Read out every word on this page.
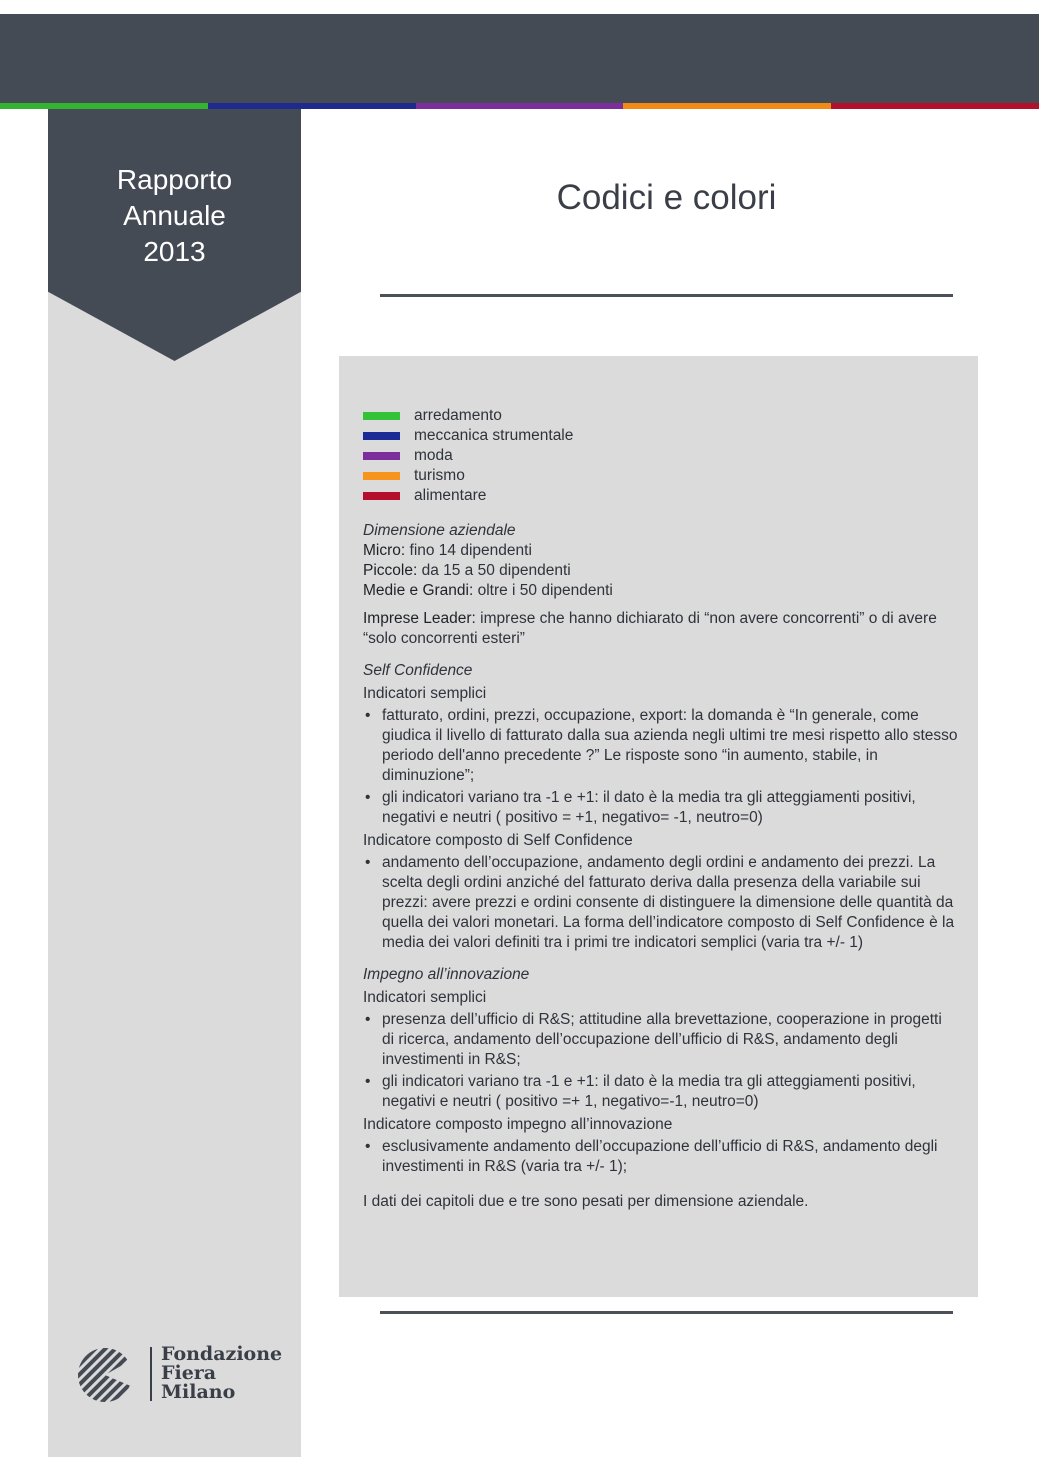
Rapporto
Annuale
2013
Codici e colori
arredamento
meccanica strumentale
moda
turismo
alimentare
Dimensione aziendale

Micro: fino 14 dipendenti

Piccole: da 15 a 50 dipendenti

Medie e Grandi: oltre i 50 dipendenti

Imprese Leader: imprese che hanno dichiarato di “non avere concorrenti” o di avere “solo concorrenti esteri”

Self Confidence
Indicatori semplici
• fatturato, ordini, prezzi, occupazione, export: la domanda è “In generale, come giudica il livello di fatturato dalla sua azienda negli ultimi tre mesi rispetto allo stesso periodo dell'anno precedente ?” Le risposte sono “in aumento, stabile, in diminuzione”;
• gli indicatori variano tra -1 e +1: il dato è la media tra gli atteggiamenti positivi, negativi e neutri ( positivo = +1, negativo= -1, neutro=0)
Indicatore composto di Self Confidence
• andamento dell’occupazione, andamento degli ordini e andamento dei prezzi. La scelta degli ordini anziché del fatturato deriva dalla presenza della variabile sui prezzi: avere prezzi e ordini consente di distinguere la dimensione delle quantità da quella dei valori monetari. La forma dell’indicatore composto di Self Confidence è la media dei valori definiti tra i primi tre indicatori semplici (varia tra +/- 1)
Impegno all’innovazione
Indicatori semplici
• presenza dell’ufficio di R&S; attitudine alla brevettazione, cooperazione in progetti di ricerca, andamento dell’occupazione dell’ufficio di R&S, andamento degli investimenti in R&S;
• gli indicatori variano tra -1 e +1: il dato è la media tra gli atteggiamenti positivi, negativi e neutri ( positivo =+ 1, negativo=-1, neutro=0)
Indicatore composto impegno all’innovazione
• esclusivamente andamento dell’occupazione dell’ufficio di R&S, andamento degli investimenti in R&S (varia tra +/- 1);

I dati dei capitoli due e tre sono pesati per dimensione aziendale.

Fondazione
Fiera
Milano
